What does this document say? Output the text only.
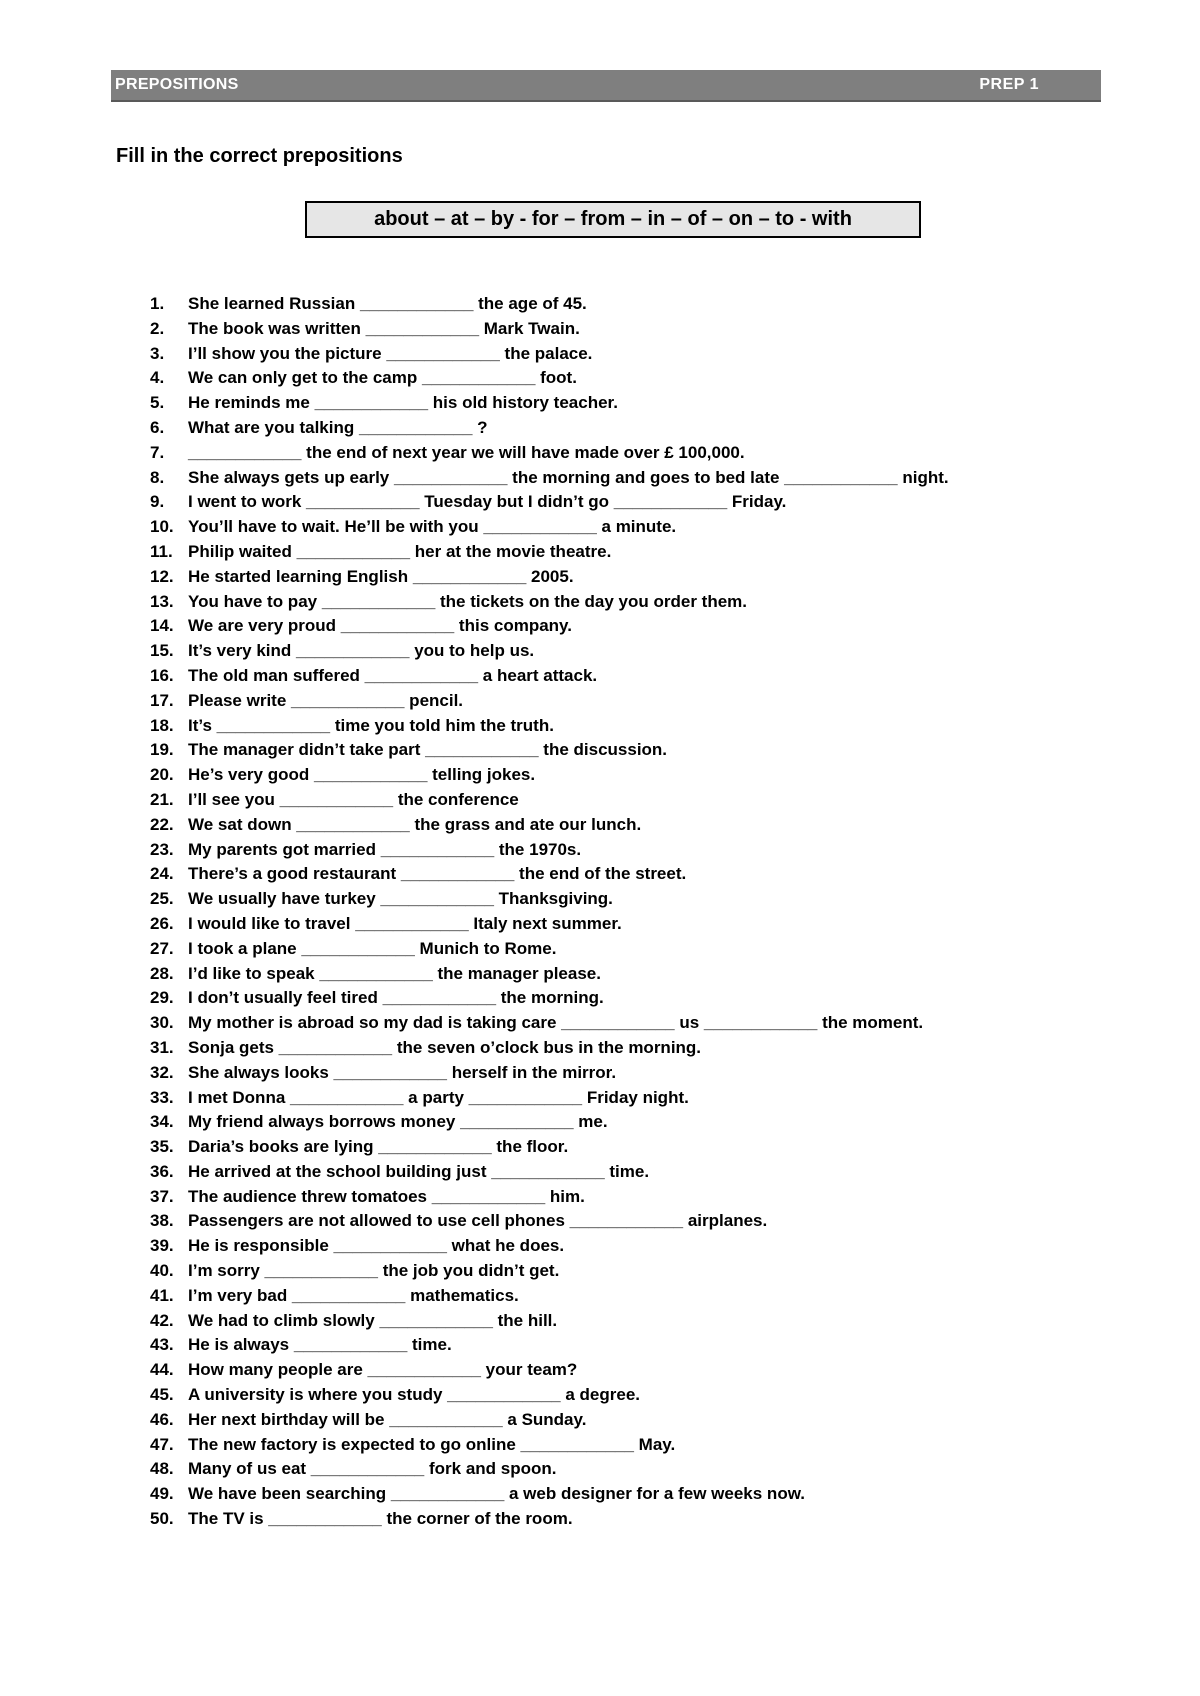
PREPOSITIONS	PREP 1
Fill in the correct prepositions
about – at – by - for – from – in – of – on – to - with
1.	She learned Russian ____________ the age of 45.
2.	The book was written ____________ Mark Twain.
3.	I’ll show you the picture ____________ the palace.
4.	We can only get to the camp ____________ foot.
5.	He reminds me ____________ his old history teacher.
6.	What are you talking ____________ ?
7.	____________ the end of next year we will have made over £ 100,000.
8.	She always gets up early ____________ the morning and goes to bed late ____________ night.
9.	I went to work ____________ Tuesday but I didn’t go ____________ Friday.
10. You’ll have to wait. He’ll be with you ____________ a minute.
11. Philip waited ____________ her at the movie theatre.
12. He started learning English ____________ 2005.
13. You have to pay ____________ the tickets on the day you order them.
14. We are very proud ____________ this company.
15. It’s very kind ____________ you to help us.
16. The old man suffered ____________ a heart attack.
17. Please write ____________ pencil.
18. It’s ____________ time you told him the truth.
19. The manager didn’t take part ____________ the discussion.
20. He’s very good ____________ telling jokes.
21. I’ll see you ____________ the conference
22. We sat down ____________ the grass and ate our lunch.
23. My parents got married ____________ the 1970s.
24. There’s a good restaurant ____________ the end of the street.
25. We usually have turkey ____________ Thanksgiving.
26. I would like to travel ____________ Italy next summer.
27. I took a plane ____________ Munich to Rome.
28. I’d like to speak ____________ the manager please.
29. I don’t usually feel tired ____________ the morning.
30. My mother is abroad so my dad is taking care ____________ us ____________ the moment.
31. Sonja gets ____________ the seven o’clock bus in the morning.
32. She always looks ____________ herself in the mirror.
33. I met Donna ____________ a party ____________ Friday night.
34. My friend always borrows money ____________ me.
35. Daria’s books are lying ____________ the floor.
36. He arrived at the school building just ____________ time.
37. The audience threw tomatoes ____________ him.
38. Passengers are not allowed to use cell phones ____________ airplanes.
39. He is responsible ____________ what he does.
40. I’m sorry ____________ the job you didn’t get.
41. I’m very bad ____________ mathematics.
42. We had to climb slowly ____________ the hill.
43. He is always ____________ time.
44. How many people are ____________ your team?
45. A university is where you study ____________ a degree.
46. Her next birthday will be ____________ a Sunday.
47. The new factory is expected to go online ____________ May.
48. Many of us eat ____________ fork and spoon.
49. We have been searching ____________ a web designer for a few weeks now.
50. The TV is ____________ the corner of the room.
